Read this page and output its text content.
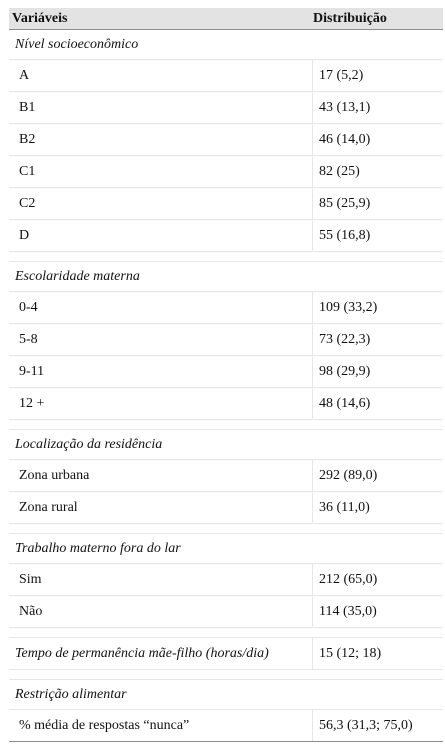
Variáveis	Distribuição
Nível socioeconômico
A	17 (5,2)
B1	43 (13,1)
B2	46 (14,0)
C1	82 (25)
C2	85 (25,9)
D	55 (16,8)
Escolaridade materna
0-4	109 (33,2)
5-8	73 (22,3)
9-11	98 (29,9)
12 +	48 (14,6)
Localização da residência
Zona urbana	292 (89,0)
Zona rural	36 (11,0)
Trabalho materno fora do lar
Sim	212 (65,0)
Não	114 (35,0)
Tempo de permanência mãe-filho (horas/dia)	15 (12; 18)
Restrição alimentar
% média de respostas “nunca”	56,3 (31,3; 75,0)
